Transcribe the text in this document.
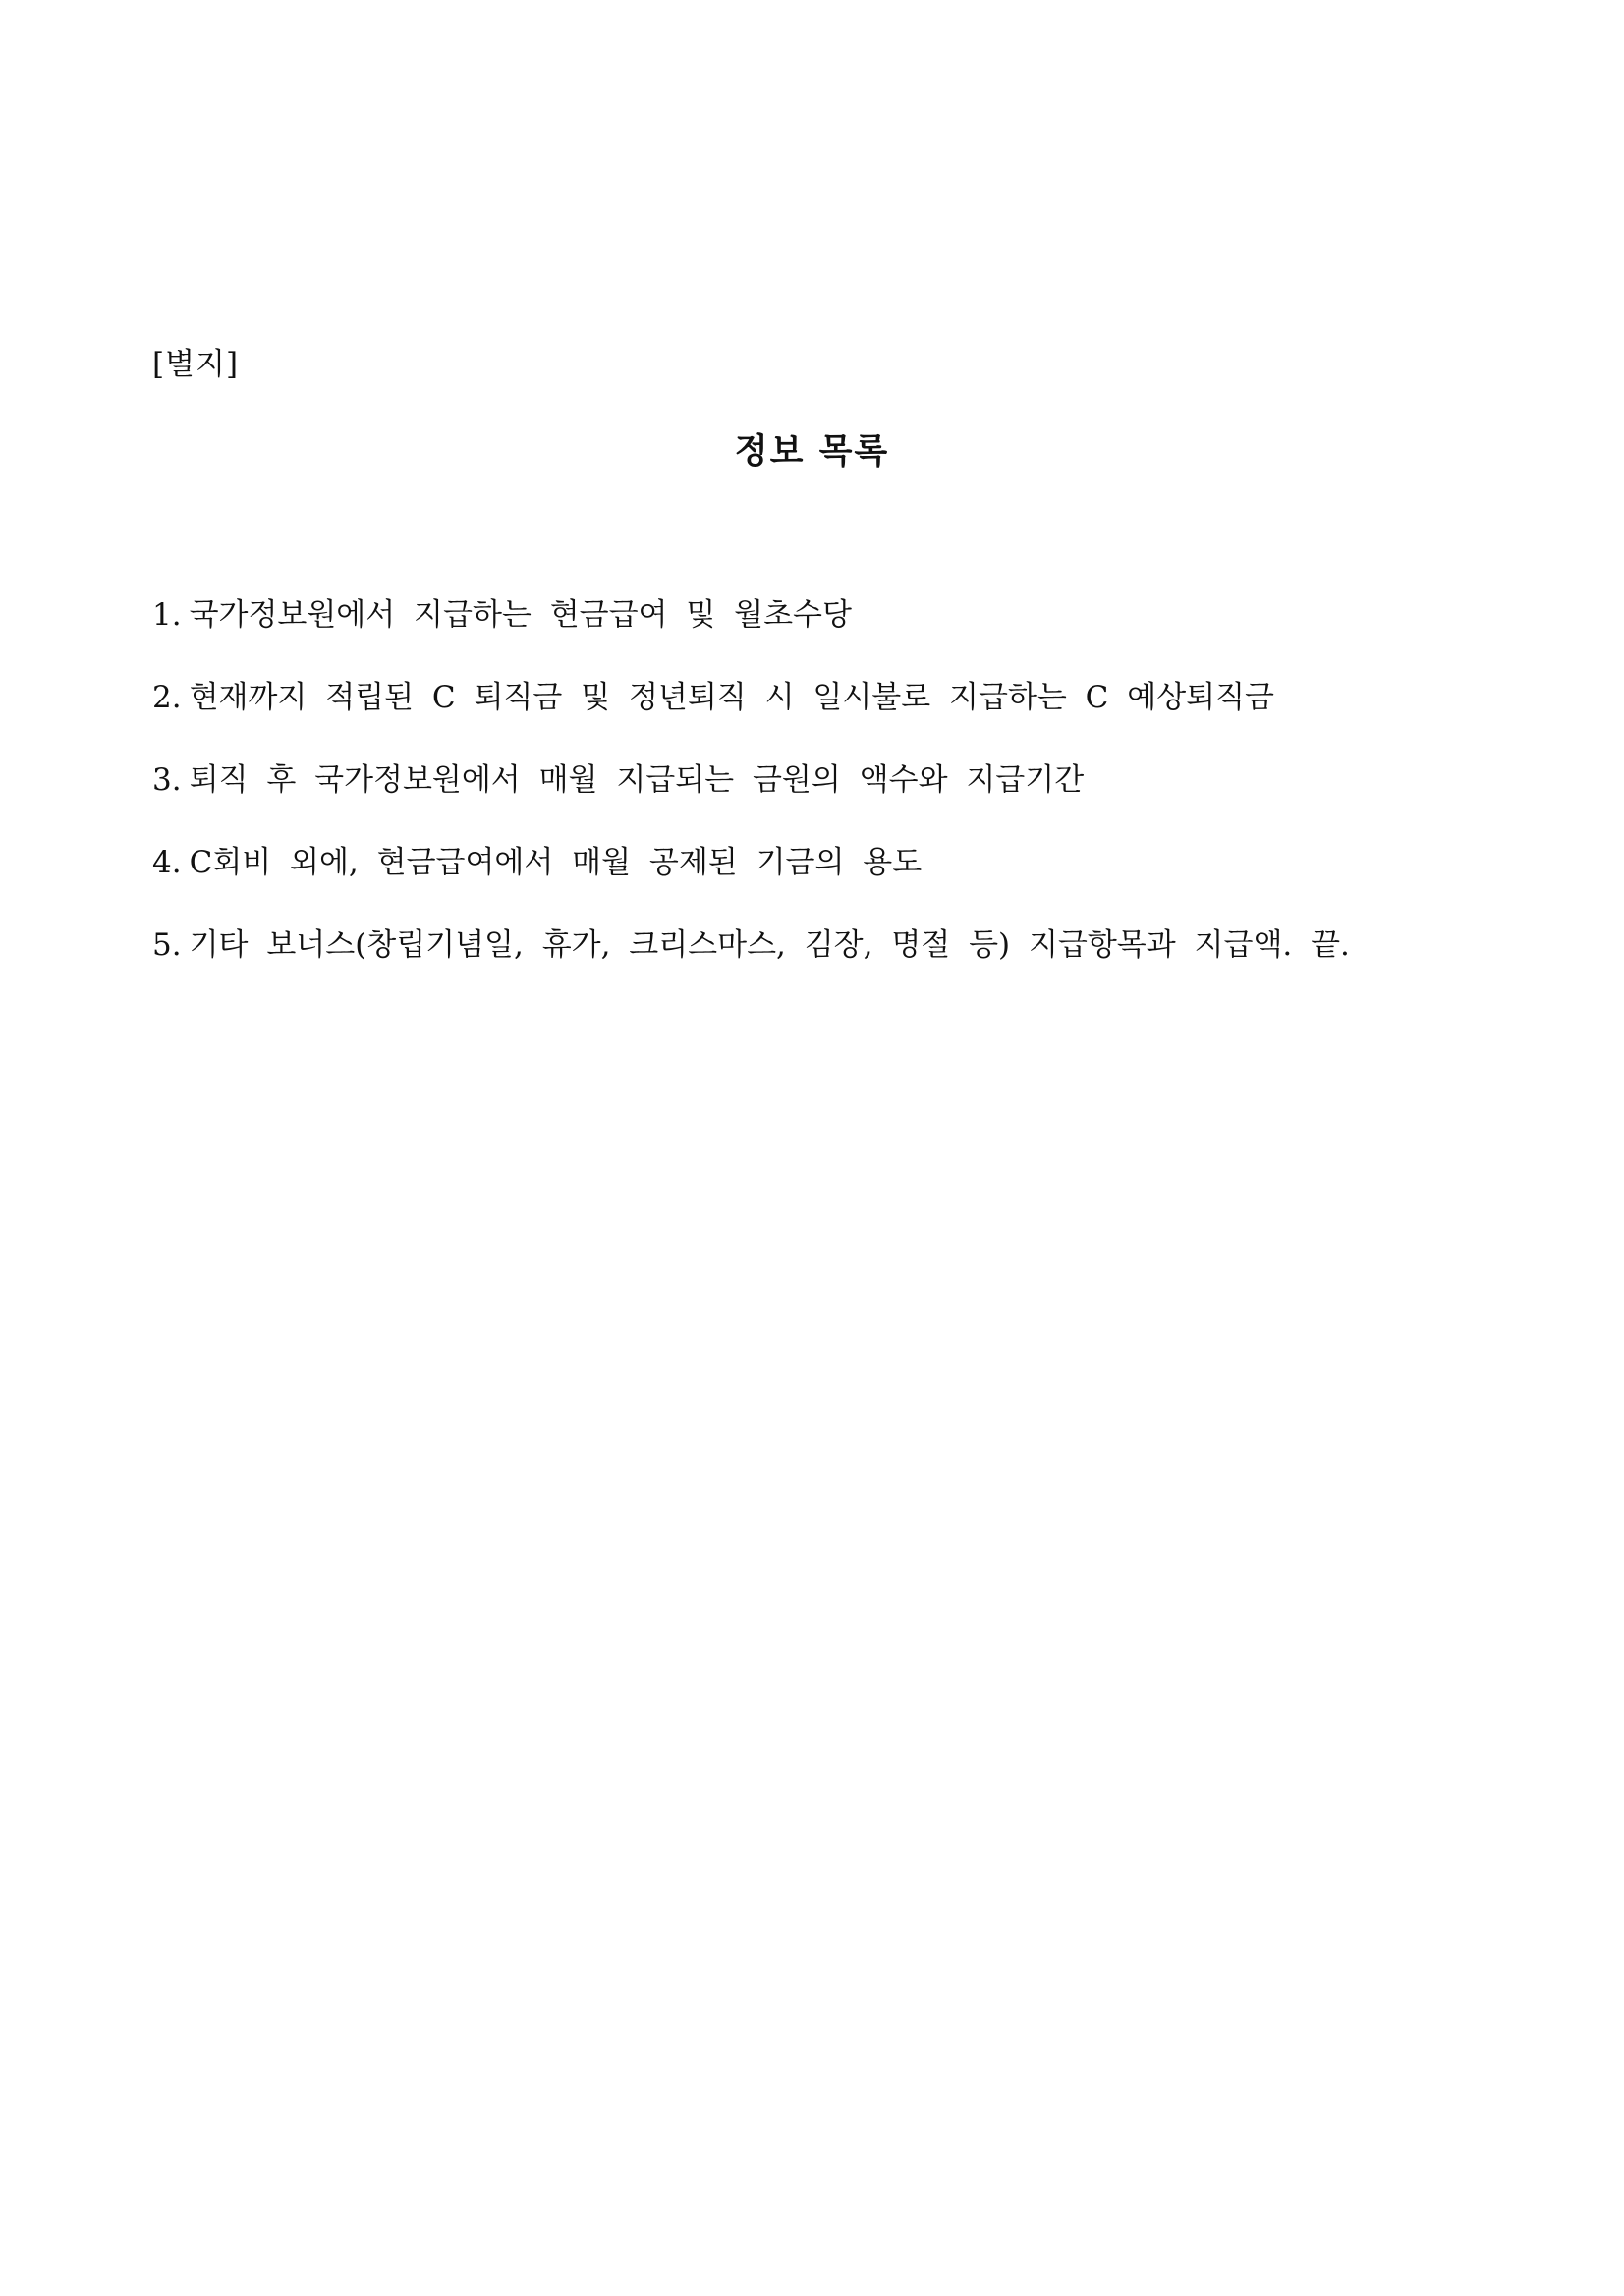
[별지]
정보 목록
1. 국가정보원에서 지급하는 현금급여 및 월초수당
2. 현재까지 적립된 C 퇴직금 및 정년퇴직 시 일시불로 지급하는 C 예상퇴직금
3. 퇴직 후 국가정보원에서 매월 지급되는 금원의 액수와 지급기간
4. C회비 외에, 현금급여에서 매월 공제된 기금의 용도
5. 기타 보너스(창립기념일, 휴가, 크리스마스, 김장, 명절 등) 지급항목과 지급액. 끝.
